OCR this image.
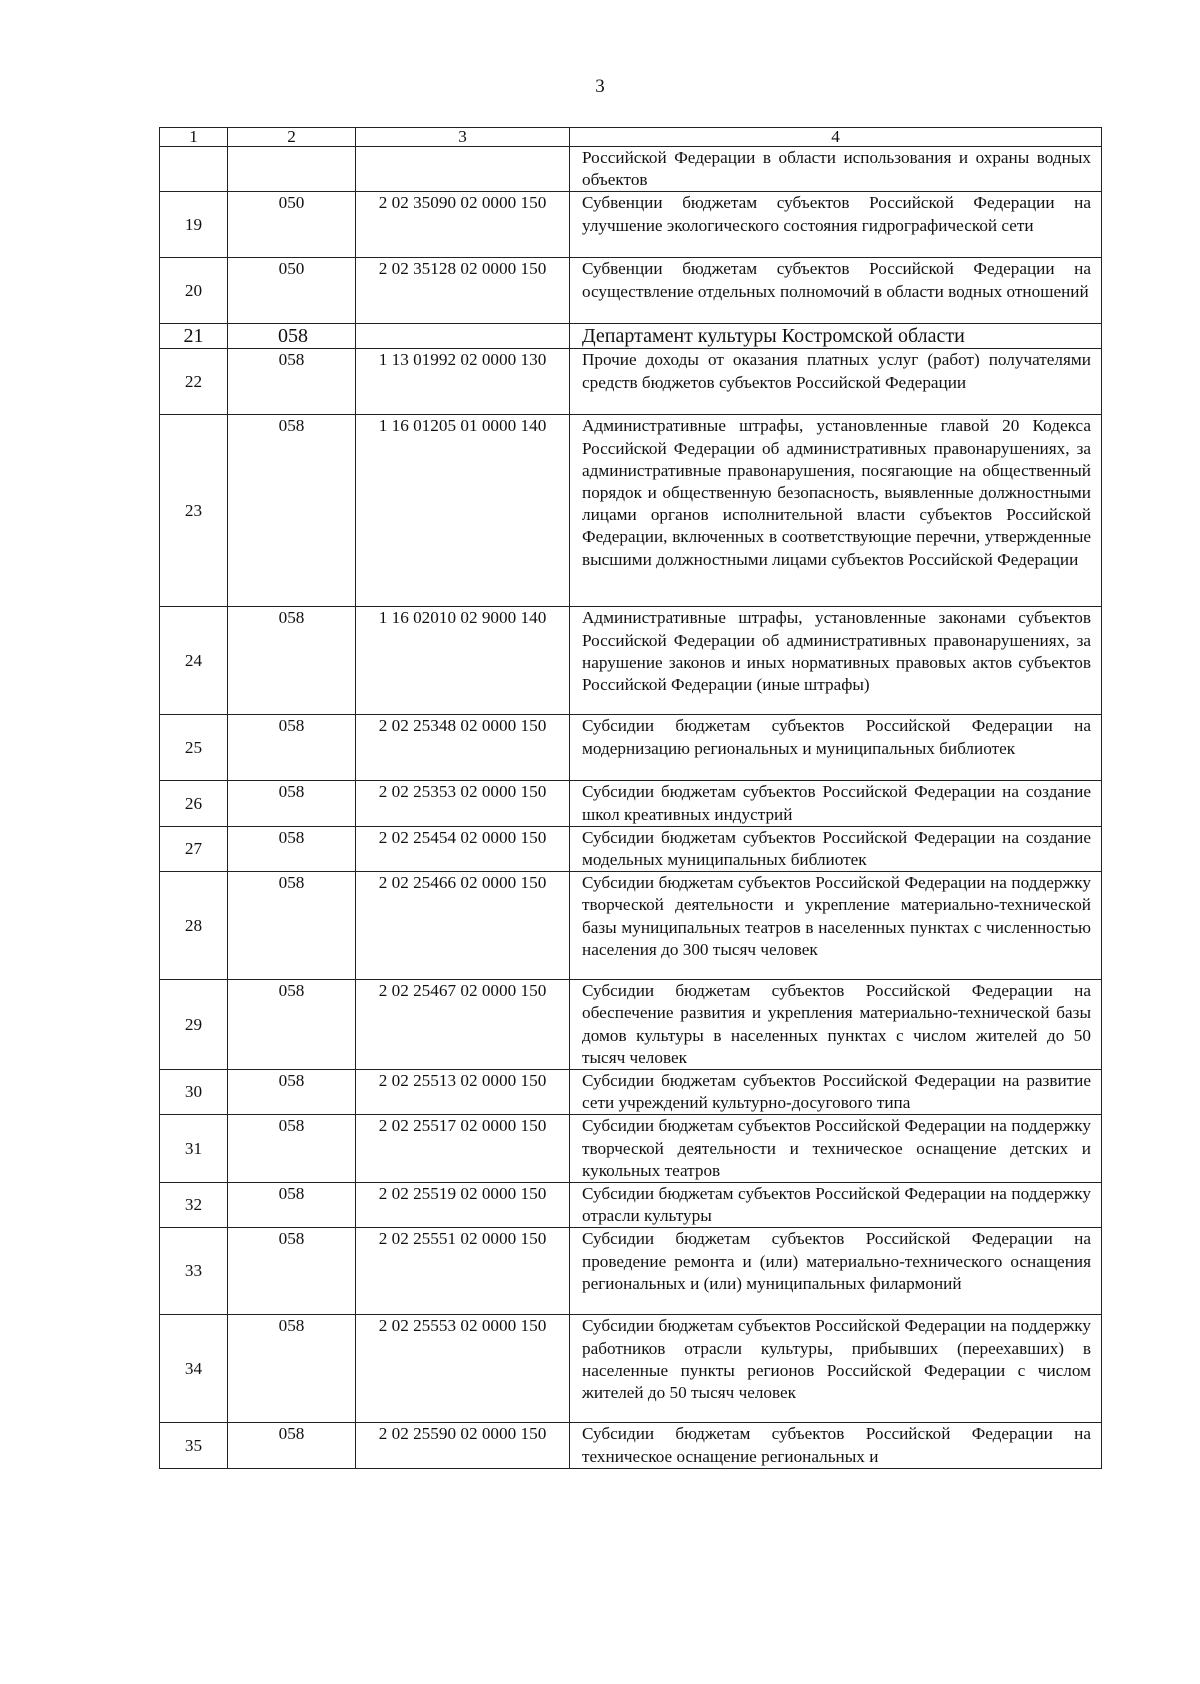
3
1	2	3	4
			Российской Федерации в области использования и охраны водных объектов
19	050	2 02 35090 02 0000 150	Субвенции бюджетам субъектов Российской Федерации на улучшение экологического состояния гидрографической сети
20	050	2 02 35128 02 0000 150	Субвенции бюджетам субъектов Российской Федерации на осуществление отдельных полномочий в области водных отношений
21	058		Департамент культуры Костромской области
22	058	1 13 01992 02 0000 130	Прочие доходы от оказания платных услуг (работ) получателями средств бюджетов субъектов Российской Федерации
23	058	1 16 01205 01 0000 140	Административные штрафы, установленные главой 20 Кодекса Российской Федерации об административных правонарушениях, за административные правонарушения, посягающие на общественный порядок и общественную безопасность, выявленные должностными лицами органов исполнительной власти субъектов Российской Федерации, включенных в соответствующие перечни, утвержденные высшими должностными лицами субъектов Российской Федерации
24	058	1 16 02010 02 9000 140	Административные штрафы, установленные законами субъектов Российской Федерации об административных правонарушениях, за нарушение законов и иных нормативных правовых актов субъектов Российской Федерации (иные штрафы)
25	058	2 02 25348 02 0000 150	Субсидии бюджетам субъектов Российской Федерации на модернизацию региональных и муниципальных библиотек
26	058	2 02 25353 02 0000 150	Субсидии бюджетам субъектов Российской Федерации на создание школ креативных индустрий
27	058	2 02 25454 02 0000 150	Субсидии бюджетам субъектов Российской Федерации на создание модельных муниципальных библиотек
28	058	2 02 25466 02 0000 150	Субсидии бюджетам субъектов Российской Федерации на поддержку творческой деятельности и укрепление материально-технической базы муниципальных театров в населенных пунктах с численностью населения до 300 тысяч человек
29	058	2 02 25467 02 0000 150	Субсидии бюджетам субъектов Российской Федерации на обеспечение развития и укрепления материально-технической базы домов культуры в населенных пунктах с числом жителей до 50 тысяч человек
30	058	2 02 25513 02 0000 150	Субсидии бюджетам субъектов Российской Федерации на развитие сети учреждений культурно-досугового типа
31	058	2 02 25517 02 0000 150	Субсидии бюджетам субъектов Российской Федерации на поддержку творческой деятельности и техническое оснащение детских и кукольных театров
32	058	2 02 25519 02 0000 150	Субсидии бюджетам субъектов Российской Федерации на поддержку отрасли культуры
33	058	2 02 25551 02 0000 150	Субсидии бюджетам субъектов Российской Федерации на проведение ремонта и (или) материально-технического оснащения региональных и (или) муниципальных филармоний
34	058	2 02 25553 02 0000 150	Субсидии бюджетам субъектов Российской Федерации на поддержку работников отрасли культуры, прибывших (переехавших) в населенные пункты регионов Российской Федерации с числом жителей до 50 тысяч человек
35	058	2 02 25590 02 0000 150	Субсидии бюджетам субъектов Российской Федерации на техническое оснащение региональных и
